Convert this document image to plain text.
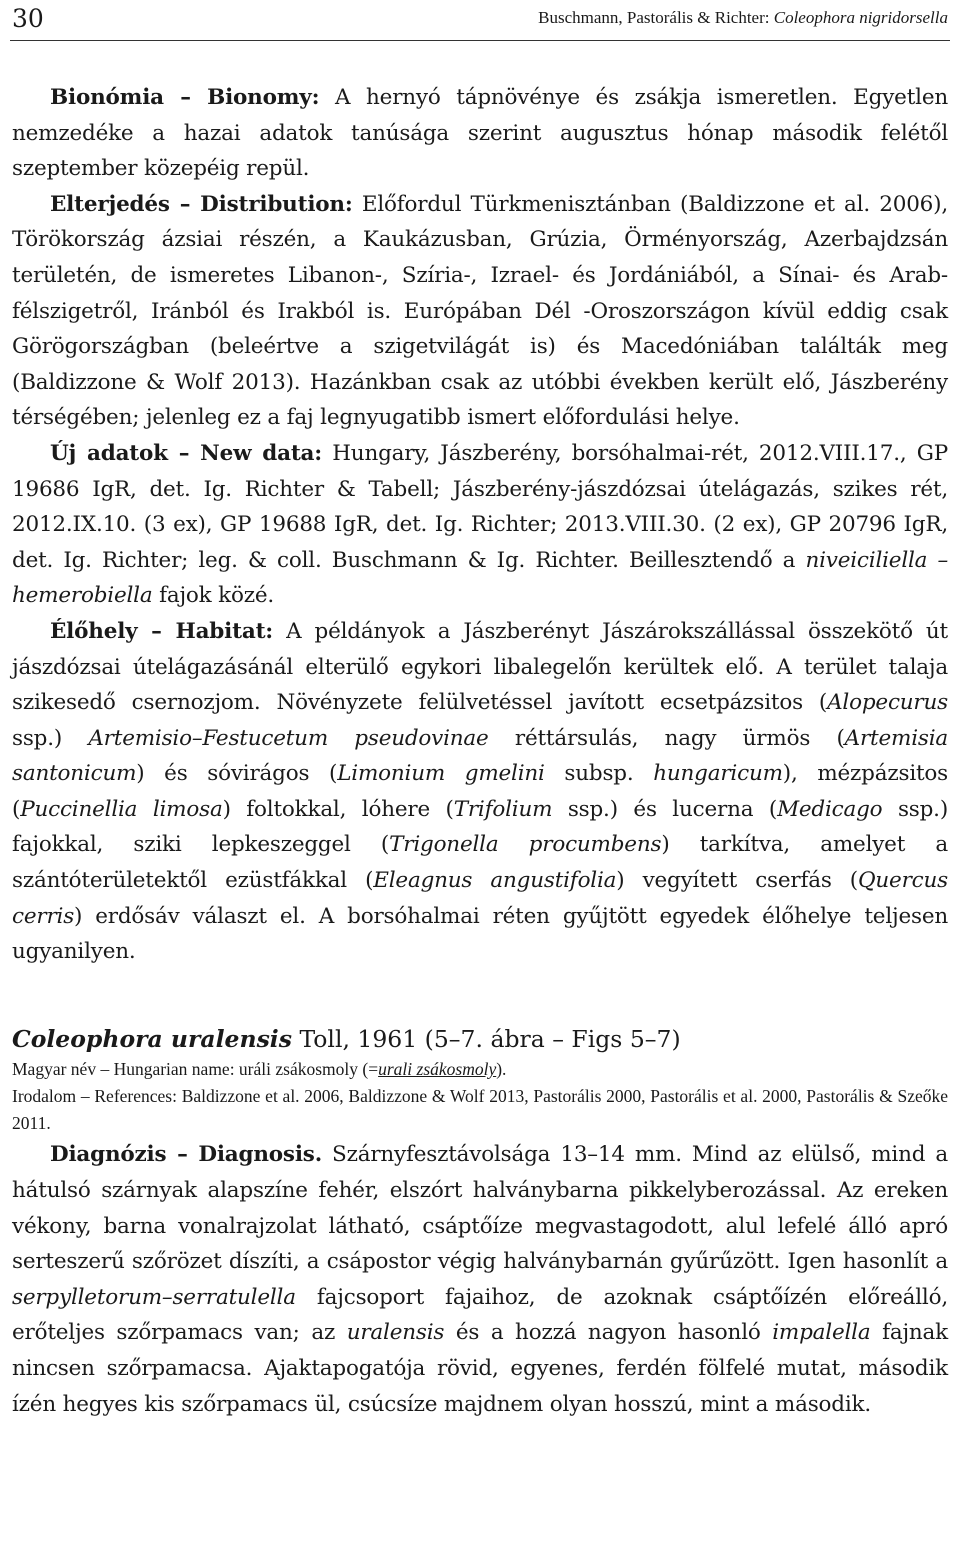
30	Buschmann, Pastorális & Richter: Coleophora nigridorsella

Bionómia – Bionomy: A hernyó tápnövénye és zsákja ismeretlen. Egyetlen nemzedéke a hazai adatok tanúsága szerint augusztus hónap második felétől szeptember közepéig repül.

Elterjedés – Distribution: Előfordul Türkmenisztánban (Baldizzone et al. 2006), Törökország ázsiai részén, a Kaukázusban, Grúzia, Örményország, Azerbajdzsán területén, de ismeretes Libanon-, Szíria-, Izrael- és Jordániából, a Sínai- és Arab-félszigetről, Iránból és Irakból is. Európában Dél -Oroszországon kívül eddig csak Görögországban (beleértve a szigetvilágát is) és Macedóniában találták meg (Baldizzone & Wolf 2013). Hazánkban csak az utóbbi években került elő, Jászberény térségében; jelenleg ez a faj legnyugatibb ismert előfordulási helye.

Új adatok – New data: Hungary, Jászberény, borsóhalmai-rét, 2012.VIII.17., GP 19686 IgR, det. Ig. Richter & Tabell; Jászberény-jászdózsai útelágazás, szikes rét, 2012.IX.10. (3 ex), GP 19688 IgR, det. Ig. Richter; 2013.VIII.30. (2 ex), GP 20796 IgR, det. Ig. Richter; leg. & coll. Buschmann & Ig. Richter. Beillesztendő a niveiciliella – hemerobiella fajok közé.

Élőhely – Habitat: A példányok a Jászberényt Jászárokszállással összekötő út jászdózsai útelágazásánál elterülő egykori libalegelőn kerültek elő. A terület talaja szikesedő csernozjom. Növényzete felülvetéssel javított ecsetpázsitos (Alopecurus ssp.) Artemisio–Festucetum pseudovinae réttársulás, nagy ürmös (Artemisia santonicum) és sóvirágos (Limonium gmelini subsp. hungaricum), mézpázsitos (Puccinellia limosa) foltokkal, lóhere (Trifolium ssp.) és lucerna (Medicago ssp.) fajokkal, sziki lepkeszeggel (Trigonella procumbens) tarkítva, amelyet a szántóterületektől ezüstfákkal (Eleagnus angustifolia) vegyített cserfás (Quercus cerris) erdősáv választ el. A borsóhalmai réten gyűjtött egyedek élőhelye teljesen ugyanilyen.

Coleophora uralensis Toll, 1961 (5–7. ábra – Figs 5–7)

Magyar név – Hungarian name: uráli zsákosmoly (=urali zsákosmoly).

Irodalom – References: Baldizzone et al. 2006, Baldizzone & Wolf 2013, Pastorális 2000, Pastorális et al. 2000, Pastorális & Szeőke 2011.

Diagnózis – Diagnosis. Szárnyfesztávolsága 13–14 mm. Mind az elülső, mind a hátulsó szárnyak alapszíne fehér, elszórt halványbarna pikkelyberozással. Az ereken vékony, barna vonalrajzolat látható, csáptőíze megvastagodott, alul lefelé álló apró serteszerű szőrözet díszíti, a csápostor végig halványbarnán gyűrűzött. Igen hasonlít a serpylletorum–serratulella fajcsoport fajaihoz, de azoknak csáptőízén előreálló, erőteljes szőrpamacs van; az uralensis és a hozzá nagyon hasonló impalella fajnak nincsen szőrpamacsa. Ajaktapogatója rövid, egyenes, ferdén fölfelé mutat, második ízén hegyes kis szőrpamacs ül, csúcsíze majdnem olyan hosszú, mint a második.
